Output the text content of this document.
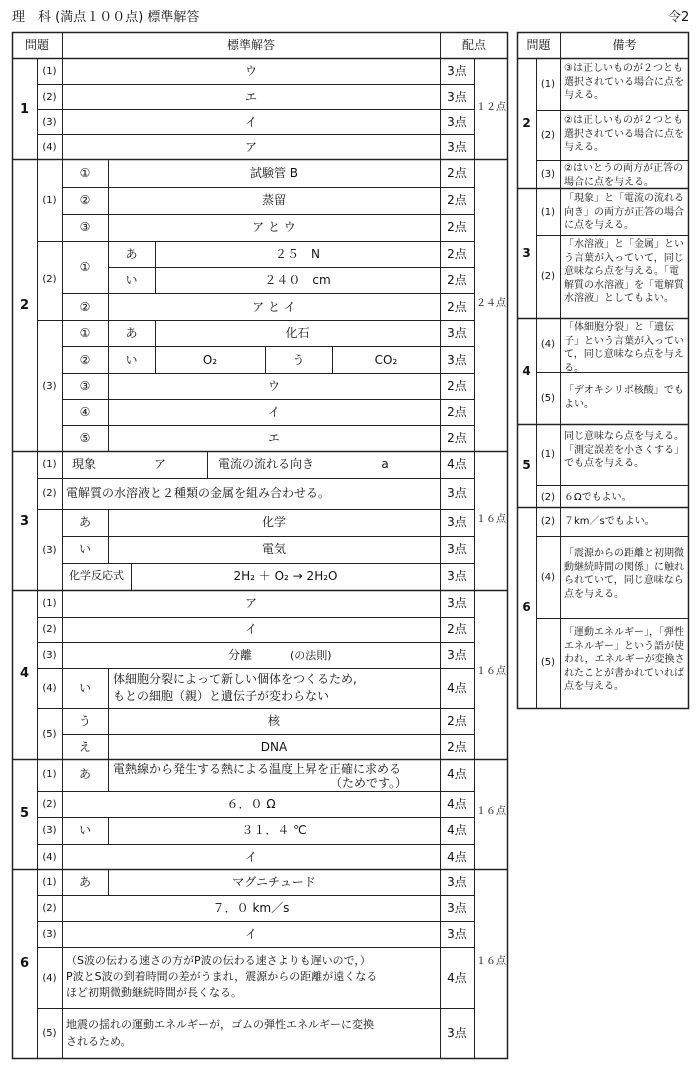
理　科 (満点１００点) 標準解答	令2
問題	標準解答	配点
1	１２点
(1)	ウ	3点
(2)	エ	3点
(3)	イ	3点
(4)	ア	3点
2	２４点
(1)
①	試験管 B	2点
②	蒸留	2点
③	ア と ウ	2点
(2)
①
あ	２５　N	2点
い	２４０　cm	2点
②	ア と イ	2点
(3)
①	あ	化石	3点
②	い	O₂	う	CO₂	3点
③	ウ	2点
④	イ	2点
⑤	エ	2点
3	１６点
(1)	現象	ア	電流の流れる向き	a	4点
(2) 電解質の水溶液と２種類の金属を組み合わせる。	3点
(3)
あ	化学	3点
い	電気	3点
化学反応式	2H₂ ＋ O₂ → 2H₂O	3点
4	１６点
(1)	ア	3点
(2)	イ	2点
(3)	分離	(の法則)	3点
(4)	い
体細胞分裂によって新しい個体をつくるため,
もとの細胞（親）と遺伝子が変わらない
4点
(5)
う	核	2点
え	DNA	2点
5	１６点
(1)	あ	電熱線から発生する熱による温度上昇を正確に求める
（ためです。）
4点
(2)	６．０ Ω	4点
(3)	い	３１．４ ℃	4点
(4)	イ	4点
6	１６点
(1)	あ	マグニチュード	3点
(2)	７．０ km／s	3点
(3)	イ	3点
(4)
（S波の伝わる速さの方がP波の伝わる速さよりも遅いので，）
P波とS波の到着時間の差がうまれ，震源からの距離が遠くなる
ほど初期微動継続時間が長くなる。
4点
(5)
地震の揺れの運動エネルギーが，ゴムの弾性エネルギーに変換
されるため。
3点
問題	備考
2
(1)
③は正しいものが２つとも選択されている場合に点を与える。
(2)
②は正しいものが２つとも選択されている場合に点を与える。
(3)
②はいとうの両方が正答の場合に点を与える。
3
(1)
「現象」と「電流の流れる向き」の両方が正答の場合に点を与える。
(2)
「水溶液」と「金属」という言葉が入っていて，同じ意味なら点を与える。「電解質の水溶液」を「電解質水溶液」としてもよい。
4
(4)
「体細胞分裂」と「遺伝子」という言葉が入っていて，同じ意味なら点を与える。
(5)
「デオキシリボ核酸」でもよい。
5
(1)
同じ意味なら点を与える。「測定誤差を小さくする」でも点を与える。
(2) ６Ωでもよい。
6
(2) ７km／sでもよい。
(4)
「震源からの距離と初期微動継続時間の関係」に触れられていて，同じ意味なら点を与える。
(5)
「運動エネルギー」，「弾性エネルギー」という語が使われ，エネルギーが変換されたことが書かれていれば点を与える。
